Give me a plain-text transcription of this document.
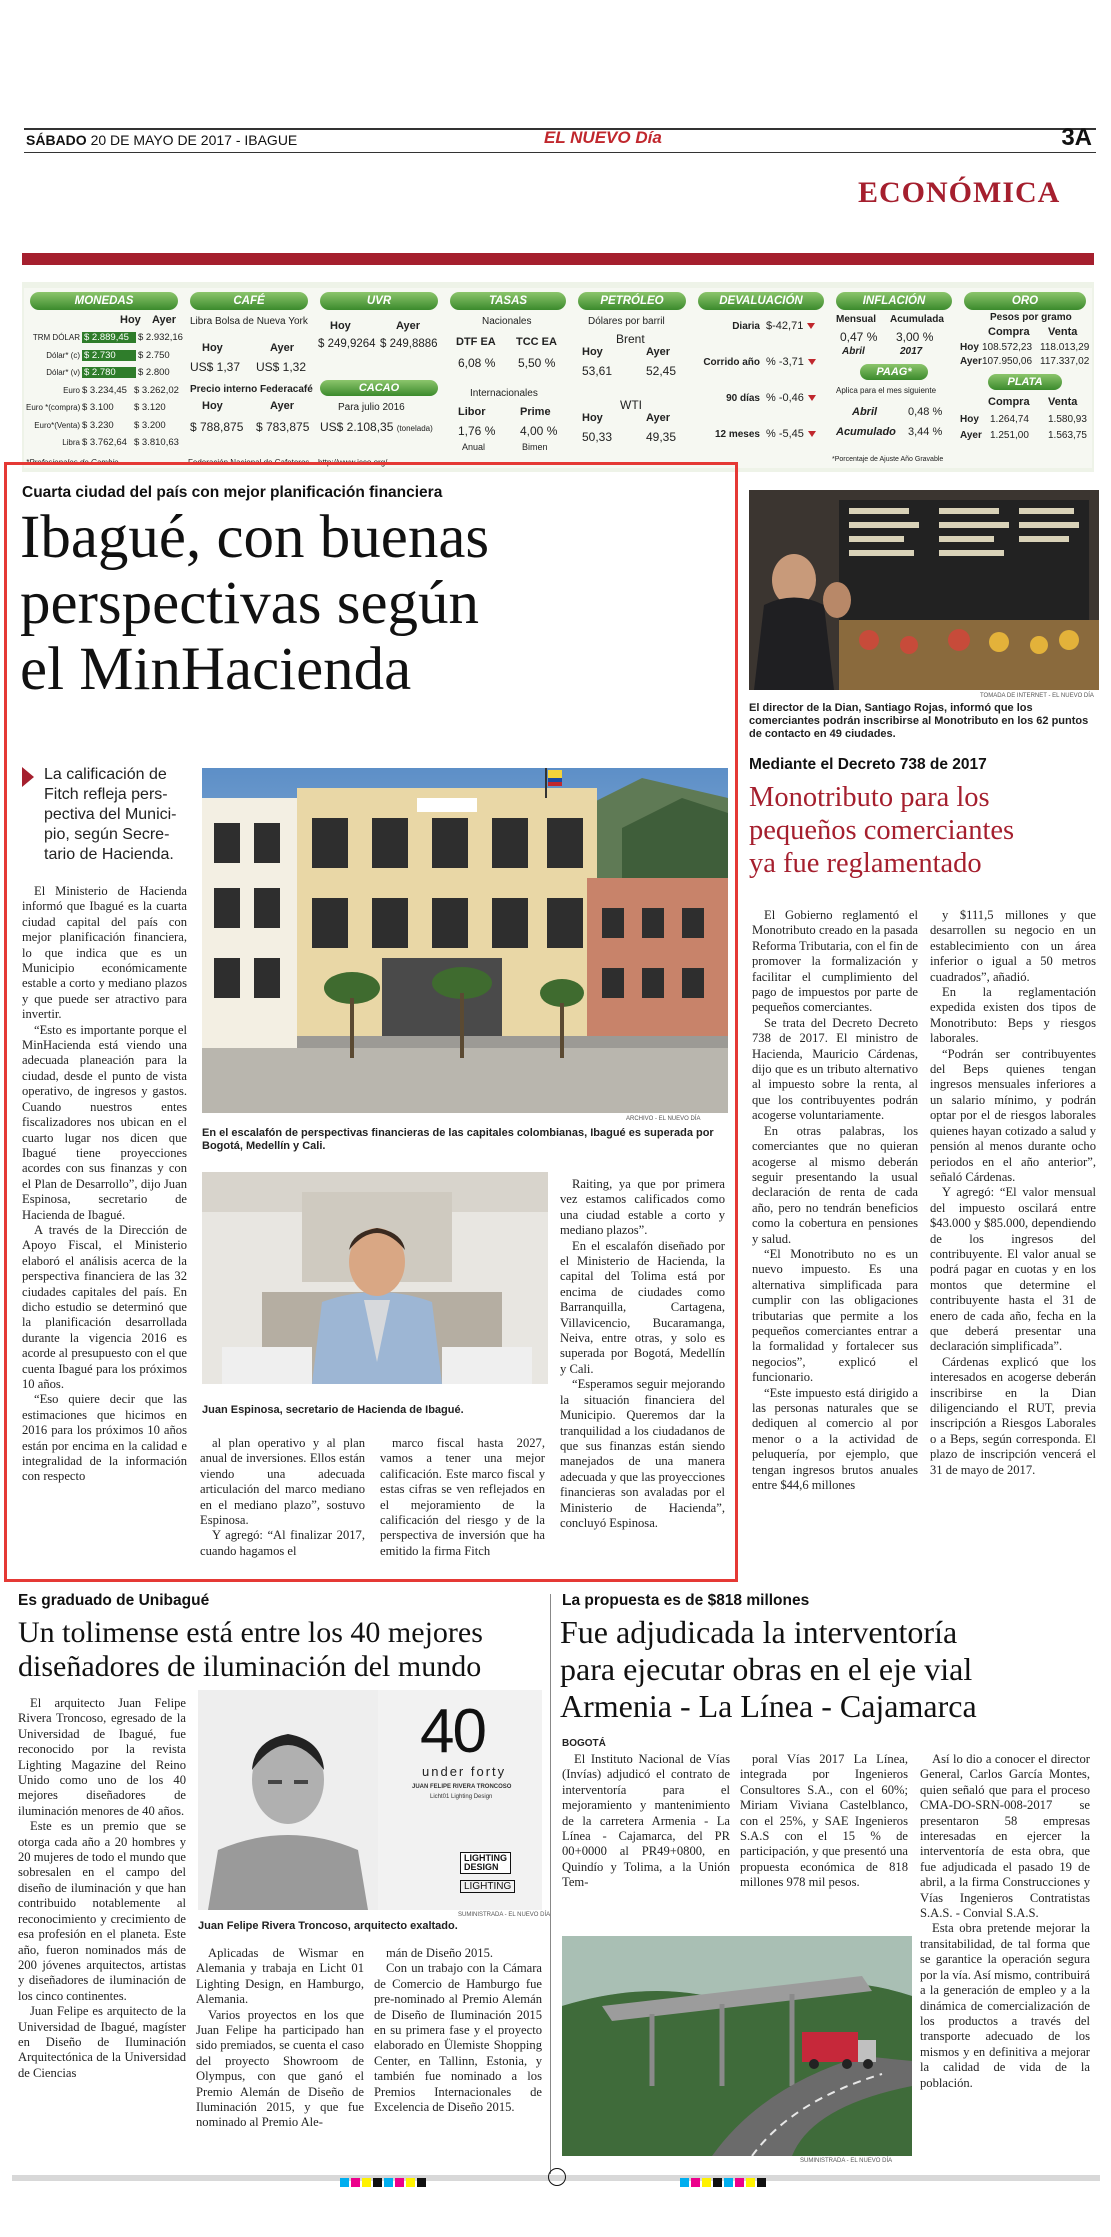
SÁBADO 20 DE MAYO DE 2017 - IBAGUE	EL NUEVO Día	3A
ECONÓMICA
MONEDAS
Hoy Ayer
TRM DÓLAR $ 2.889,45 $ 2.932,16
Dólar* (c) $ 2.730 $ 2.750
Dólar* (v) $ 2.780 $ 2.800
Euro $ 3.234,45 $ 3.262,02
Euro *(compra) $ 3.100 $ 3.120
Euro*(Venta) $ 3.230 $ 3.200
Libra $ 3.762,64 $ 3.810,63
*Profesionales de Cambio
CAFÉ
Libra Bolsa de Nueva York
Hoy	Ayer
US$ 1,37 US$ 1,32
Precio interno Federacafé
Hoy	Ayer
$ 788,875 $ 783,875
Federación Nacional de Cafeteros
UVR
Hoy	Ayer
$ 249,9264 $ 249,8886
CACAO
Para julio 2016
US$ 2.108,35 (tonelada)
http://www.icco.org/
TASAS
Nacionales
DTF EA TCC EA
6,08 % 5,50 %
Internacionales
Libor	Prime
1,76 % 4,00 %
Anual	Bimen
PETRÓLEO
Dólares por barril
Brent
Hoy	Ayer
53,61	52,45
WTI
Hoy	Ayer
50,33	49,35
DEVALUACIÓN
Diaria $-42,71
Corrido año % -3,71
90 días % -0,46
12 meses % -5,45
INFLACIÓN
Mensual Acumulada
0,47 % 3,00 %
Abril	2017
PAAG*
Aplica para el mes siguiente
Abril	0,48 %
Acumulado 3,44 %
*Porcentaje de Ajuste Año Gravable
ORO
Pesos por gramo
Compra Venta
Hoy 108.572,23 118.013,29
Ayer 107.950,06 117.337,02
PLATA
Compra Venta
Hoy 1.264,74 1.580,93
Ayer 1.251,00 1.563,75
Cuarta ciudad del país con mejor planificación financiera
Ibagué, con buenas
perspectivas según
el MinHacienda
La calificación de
Fitch refleja pers-
pectiva del Munici-
pio, según Secre-
tario de Hacienda.

El Ministerio de Hacienda informó que Ibagué es la cuarta ciudad capital del país con mejor planificación financiera, lo que indica que es un Municipio económicamente estable a corto y mediano plazos y que puede ser atractivo para invertir.

“Esto es importante porque el MinHacienda está viendo una adecuada planeación para la ciudad, desde el punto de vista operativo, de ingresos y gastos. Cuando nuestros entes fiscalizadores nos ubican en el cuarto lugar nos dicen que Ibagué tiene proyecciones acordes con sus finanzas y con el Plan de Desarrollo”, dijo Juan Espinosa, secretario de Hacienda de Ibagué.

A través de la Dirección de Apoyo Fiscal, el Ministerio elaboró el análisis acerca de la perspectiva financiera de las 32 ciudades capitales del país. En dicho estudio se determinó que la planificación desarrollada durante la vigencia 2016 es acorde al presupuesto con el que cuenta Ibagué para los próximos 10 años.

“Eso quiere decir que las estimaciones que hicimos en 2016 para los próximos 10 años están por encima en la calidad e integralidad de la información con respecto

ARCHIVO - EL NUEVO DÍA
En el escalafón de perspectivas financieras de las capitales colombianas, Ibagué es superada por Bogotá, Medellín y Cali.
Juan Espinosa, secretario de Hacienda de Ibagué.

al plan operativo y al plan anual de inversiones. Ellos están viendo una adecuada articulación del marco mediano en el mediano plazo”, sostuvo Espinosa.

Y agregó: “Al finalizar 2017, cuando hagamos el

marco fiscal hasta 2027, vamos a tener una mejor calificación. Este marco fiscal y estas cifras se ven reflejados en el mejoramiento de la calificación del riesgo y de la perspectiva de inversión que ha emitido la firma Fitch

Raiting, ya que por primera vez estamos calificados como una ciudad estable a corto y mediano plazos”.

En el escalafón diseñado por el Ministerio de Hacienda, la capital del Tolima está por encima de ciudades como Barranquilla, Cartagena, Villavicencio, Bucaramanga, Neiva, entre otras, y solo es superada por Bogotá, Medellín y Cali.

“Esperamos seguir mejorando la situación financiera del Municipio. Queremos dar la tranquilidad a los ciudadanos de que sus finanzas están siendo manejados de una manera adecuada y que las proyecciones financieras son avaladas por el Ministerio de Hacienda”, concluyó Espinosa.

TOMADA DE INTERNET - EL NUEVO DÍA
El director de la Dian, Santiago Rojas, informó que los comerciantes podrán inscribirse al Monotributo en los 62 puntos de contacto en 49 ciudades.
Mediante el Decreto 738 de 2017
Monotributo para los
pequeños comerciantes
ya fue reglamentado

El Gobierno reglamentó el Monotributo creado en la pasada Reforma Tributaria, con el fin de promover la formalización y facilitar el cumplimiento del pago de impuestos por parte de pequeños comerciantes.

Se trata del Decreto Decreto 738 de 2017. El ministro de Hacienda, Mauricio Cárdenas, dijo que es un tributo alternativo al impuesto sobre la renta, al que los contribuyentes podrán acogerse voluntariamente.

En otras palabras, los comerciantes que no quieran acogerse al mismo deberán seguir presentando la usual declaración de renta de cada año, pero no tendrán beneficios como la cobertura en pensiones y salud.

“El Monotributo no es un nuevo impuesto. Es una alternativa simplificada para cumplir con las obligaciones tributarias que permite a los pequeños comerciantes entrar a la formalidad y fortalecer sus negocios”, explicó el funcionario.

“Este impuesto está dirigido a las personas naturales que se dediquen al comercio al por menor o a la actividad de peluquería, por ejemplo, que tengan ingresos brutos anuales entre $44,6 millones

y $111,5 millones y que desarrollen su negocio en un establecimiento con un área inferior o igual a 50 metros cuadrados”, añadió.

En la reglamentación expedida existen dos tipos de Monotributo: Beps y riesgos laborales.

“Podrán ser contribuyentes del Beps quienes tengan ingresos mensuales inferiores a un salario mínimo, y podrán optar por el de riesgos laborales quienes hayan cotizado a salud y pensión al menos durante ocho periodos en el año anterior”, señaló Cárdenas.

Y agregó: “El valor mensual del impuesto oscilará entre $43.000 y $85.000, dependiendo de los ingresos del contribuyente. El valor anual se podrá pagar en cuotas y en los montos que determine el contribuyente hasta el 31 de enero de cada año, fecha en la que deberá presentar una declaración simplificada”.

Cárdenas explicó que los interesados en acogerse deberán inscribirse en la Dian diligenciando el RUT, previa inscripción a Riesgos Laborales o a Beps, según corresponda. El plazo de inscripción vencerá el 31 de mayo de 2017.

Es graduado de Unibagué
Un tolimense está entre los 40 mejores
diseñadores de iluminación del mundo

El arquitecto Juan Felipe Rivera Troncoso, egresado de la Universidad de Ibagué, fue reconocido por la revista Lighting Magazine del Reino Unido como uno de los 40 mejores diseñadores de iluminación menores de 40 años.

Este es un premio que se otorga cada año a 20 hombres y 20 mujeres de todo el mundo que sobresalen en el campo del diseño de iluminación y que han contribuido notablemente al reconocimiento y crecimiento de esa profesión en el planeta. Este año, fueron nominados más de 200 jóvenes arquitectos, artistas y diseñadores de iluminación de los cinco continentes.

Juan Felipe es arquitecto de la Universidad de Ibagué, magíster en Diseño de Iluminación Arquitectónica de la Universidad de Ciencias

40
under forty
JUAN FELIPE RIVERA TRONCOSO
Licht01 Lighting Design
LIGHTING
DESIGN
LIGHTING
SUMINISTRADA - EL NUEVO DÍA
Juan Felipe Rivera Troncoso, arquitecto exaltado.

Aplicadas de Wismar en Alemania y trabaja en Licht 01 Lighting Design, en Hamburgo, Alemania.

Varios proyectos en los que Juan Felipe ha participado han sido premiados, se cuenta el caso del proyecto Showroom de Olympus, con que ganó el Premio Alemán de Diseño de Iluminación 2015, y que fue nominado al Premio Ale-

mán de Diseño 2015.

Con un trabajo con la Cámara de Comercio de Hamburgo fue pre-nominado al Premio Alemán de Diseño de Iluminación 2015 en su primera fase y el proyecto elaborado en Ülemiste Shopping Center, en Tallinn, Estonia, y también fue nominado a los Premios Internacionales de Excelencia de Diseño 2015.

La propuesta es de $818 millones
Fue adjudicada la interventoría
para ejecutar obras en el eje vial
Armenia - La Línea - Cajamarca
BOGOTÁ

El Instituto Nacional de Vías (Invías) adjudicó el contrato de interventoría para el mejoramiento y mantenimiento de la carretera Armenia - La Línea - Cajamarca, del PR 00+0000 al PR49+0800, en Quindío y Tolima, a la Unión Tem-

poral Vías 2017 La Línea, integrada por Ingenieros Consultores S.A., con el 60%; Miriam Viviana Castelblanco, con el 25%, y SAE Ingenieros S.A.S con el 15 % de participación, y que presentó una propuesta económica de 818 millones 978 mil pesos.

Así lo dio a conocer el director General, Carlos García Montes, quien señaló que para el proceso CMA-DO-SRN-008-2017 se presentaron 58 empresas interesadas en ejercer la interventoría de esta obra, que fue adjudicada el pasado 19 de abril, a la firma Construcciones y Vías Ingenieros Contratistas S.A.S. - Convial S.A.S.

Esta obra pretende mejorar la transitabilidad, de tal forma que se garantice la operación segura por la vía. Así mismo, contribuirá a la generación de empleo y a la dinámica de comercialización de los productos a través del transporte adecuado de los mismos y en definitiva a mejorar la calidad de vida de la población.

SUMINISTRADA - EL NUEVO DÍA
